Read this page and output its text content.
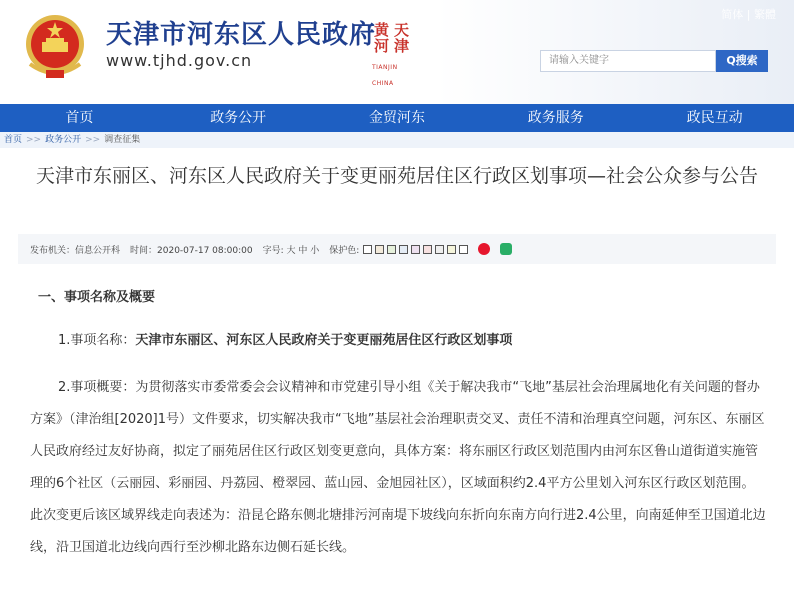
天津市河东区人民政府
www.tjhd.gov.cn
黄 天
河 津
TIANJIN CHINA
简体 | 繁體
请输入关键字	Q搜索
首页	政务公开	金贸河东	政务服务	政民互动
首页 >> 政务公开 >> 调查征集
天津市东丽区、河东区人民政府关于变更丽苑居住区行政区划事项—社会公众参与公告
发布机关：信息公开科 时间：2020-07-17 08:00:00 字号: 大 中 小 保护色:
一、事项名称及概要
1.事项名称：天津市东丽区、河东区人民政府关于变更丽苑居住区行政区划事项
2.事项概要：为贯彻落实市委常委会会议精神和市党建引导小组《关于解决我市“飞地”基层社会治理属地化有关问题的督办方案》（津治组[2020]1号）文件要求，切实解决我市“飞地”基层社会治理职责交叉、责任不清和治理真空问题，河东区、东丽区人民政府经过友好协商，拟定了丽苑居住区行政区划变更意向，具体方案：将东丽区行政区划范围内由河东区鲁山道街道实施管理的6个社区（云丽园、彩丽园、丹荔园、橙翠园、蓝山园、金旭园社区），区域面积约2.4平方公里划入河东区行政区划范围。此次变更后该区域界线走向表述为：沿昆仑路东侧北塘排污河南堤下坡线向东折向东南方向行进2.4公里，向南延伸至卫国道北边线，沿卫国道北边线向西行至沙柳北路东边侧石延长线。
